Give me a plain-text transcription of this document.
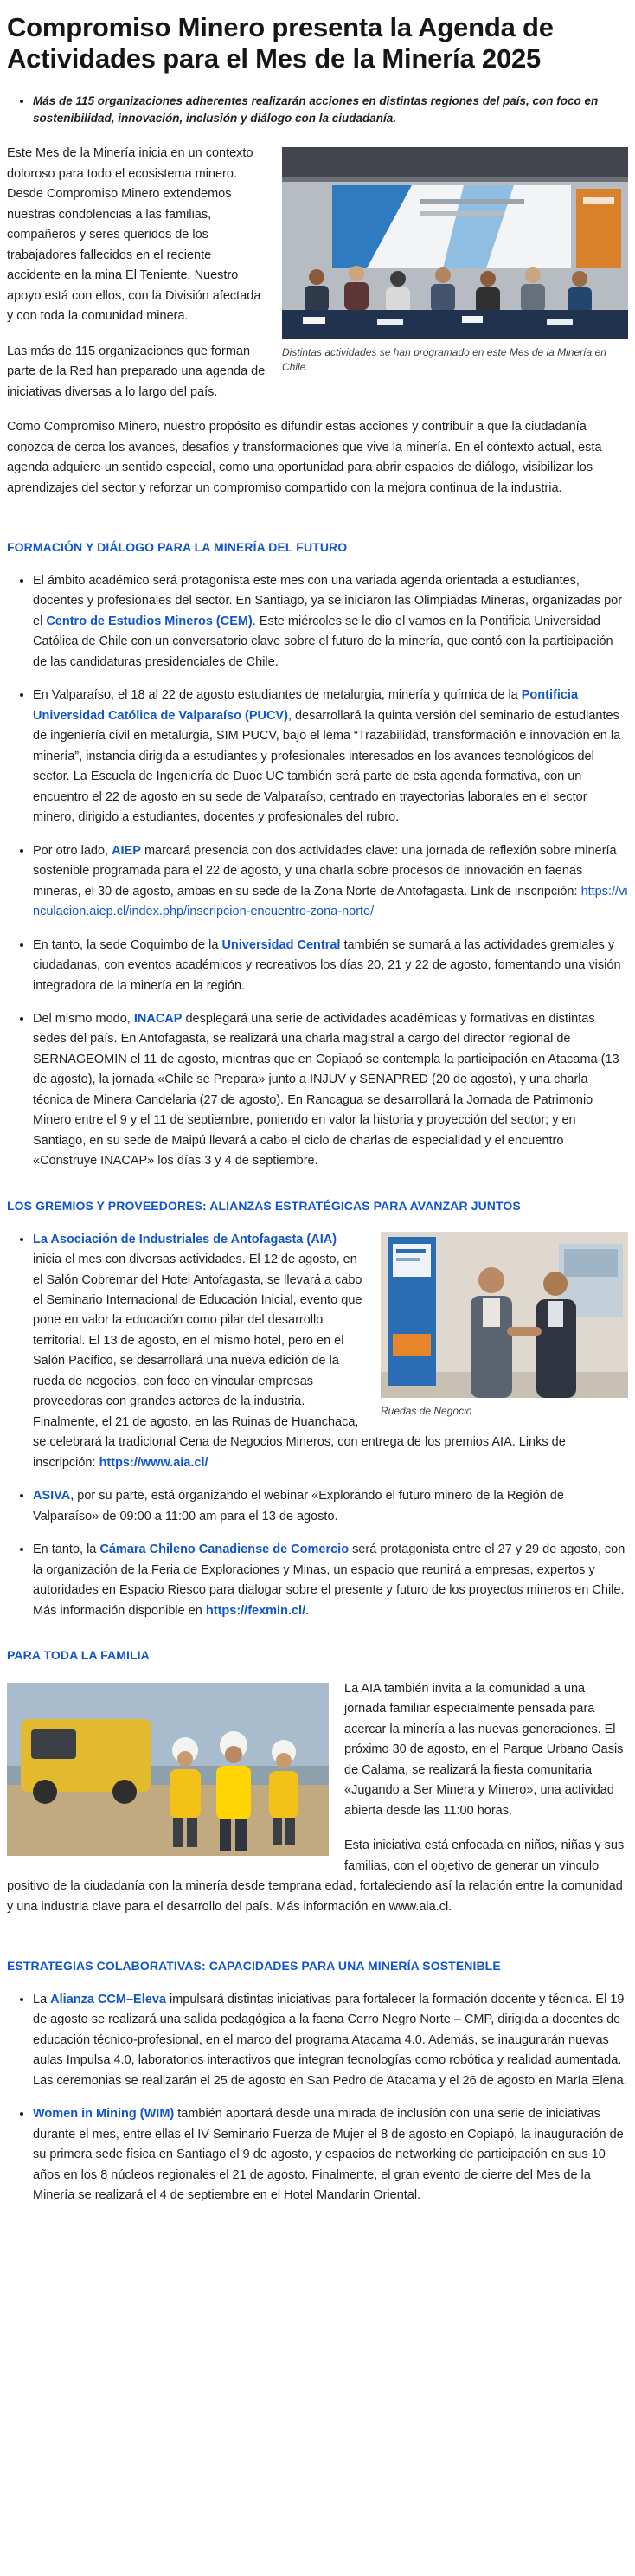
Compromiso Minero presenta la Agenda de Actividades para el Mes de la Minería 2025
• Más de 115 organizaciones adherentes realizarán acciones en distintas regiones del país, con foco en sostenibilidad, innovación, inclusión y diálogo con la ciudadanía.
Distintas actividades se han programado en este Mes de la Minería en Chile.

Este Mes de la Minería inicia en un contexto doloroso para todo el ecosistema minero. Desde Compromiso Minero extendemos nuestras condolencias a las familias, compañeros y seres queridos de los trabajadores fallecidos en el reciente accidente en la mina El Teniente. Nuestro apoyo está con ellos, con la División afectada y con toda la comunidad minera.

Las más de 115 organizaciones que forman parte de la Red han preparado una agenda de iniciativas diversas a lo largo del país.

Como Compromiso Minero, nuestro propósito es difundir estas acciones y contribuir a que la ciudadanía conozca de cerca los avances, desafíos y transformaciones que vive la minería. En el contexto actual, esta agenda adquiere un sentido especial, como una oportunidad para abrir espacios de diálogo, visibilizar los aprendizajes del sector y reforzar un compromiso compartido con la mejora continua de la industria.

FORMACIÓN Y DIÁLOGO PARA LA MINERÍA DEL FUTURO
• El ámbito académico será protagonista este mes con una variada agenda orientada a estudiantes, docentes y profesionales del sector. En Santiago, ya se iniciaron las Olimpiadas Mineras, organizadas por el Centro de Estudios Mineros (CEM). Este miércoles se le dio el vamos en la Pontificia Universidad Católica de Chile con un conversatorio clave sobre el futuro de la minería, que contó con la participación de las candidaturas presidenciales de Chile.
• En Valparaíso, el 18 al 22 de agosto estudiantes de metalurgia, minería y química de la Pontificia Universidad Católica de Valparaíso (PUCV), desarrollará la quinta versión del seminario de estudiantes de ingeniería civil en metalurgia, SIM PUCV, bajo el lema “Trazabilidad, transformación e innovación en la minería”, instancia dirigida a estudiantes y profesionales interesados en los avances tecnológicos del sector. La Escuela de Ingeniería de Duoc UC también será parte de esta agenda formativa, con un encuentro el 22 de agosto en su sede de Valparaíso, centrado en trayectorias laborales en el sector minero, dirigido a estudiantes, docentes y profesionales del rubro.
• Por otro lado, AIEP marcará presencia con dos actividades clave: una jornada de reflexión sobre minería sostenible programada para el 22 de agosto, y una charla sobre procesos de innovación en faenas mineras, el 30 de agosto, ambas en su sede de la Zona Norte de Antofagasta. Link de inscripción: https://vinculacion.aiep.cl/index.php/inscripcion-encuentro-zona-norte/
• En tanto, la sede Coquimbo de la Universidad Central también se sumará a las actividades gremiales y ciudadanas, con eventos académicos y recreativos los días 20, 21 y 22 de agosto, fomentando una visión integradora de la minería en la región.
• Del mismo modo, INACAP desplegará una serie de actividades académicas y formativas en distintas sedes del país. En Antofagasta, se realizará una charla magistral a cargo del director regional de SERNAGEOMIN el 11 de agosto, mientras que en Copiapó se contempla la participación en Atacama (13 de agosto), la jornada «Chile se Prepara» junto a INJUV y SENAPRED (20 de agosto), y una charla técnica de Minera Candelaria (27 de agosto). En Rancagua se desarrollará la Jornada de Patrimonio Minero entre el 9 y el 11 de septiembre, poniendo en valor la historia y proyección del sector; y en Santiago, en su sede de Maipú llevará a cabo el ciclo de charlas de especialidad y el encuentro «Construye INACAP» los días 3 y 4 de septiembre.
LOS GREMIOS Y PROVEEDORES: ALIANZAS ESTRATÉGICAS PARA AVANZAR JUNTOS
• Ruedas de Negocio
La Asociación de Industriales de Antofagasta (AIA) inicia el mes con diversas actividades. El 12 de agosto, en el Salón Cobremar del Hotel Antofagasta, se llevará a cabo el Seminario Internacional de Educación Inicial, evento que pone en valor la educación como pilar del desarrollo territorial. El 13 de agosto, en el mismo hotel, pero en el Salón Pacífico, se desarrollará una nueva edición de la rueda de negocios, con foco en vincular empresas proveedoras con grandes actores de la industria. Finalmente, el 21 de agosto, en las Ruinas de Huanchaca, se celebrará la tradicional Cena de Negocios Mineros, con entrega de los premios AIA. Links de inscripción: https://www.aia.cl/
• ASIVA, por su parte, está organizando el webinar «Explorando el futuro minero de la Región de Valparaíso» de 09:00 a 11:00 am para el 13 de agosto.
• En tanto, la Cámara Chileno Canadiense de Comercio será protagonista entre el 27 y 29 de agosto, con la organización de la Feria de Exploraciones y Minas, un espacio que reunirá a empresas, expertos y autoridades en Espacio Riesco para dialogar sobre el presente y futuro de los proyectos mineros en Chile. Más información disponible en https://fexmin.cl/.
PARA TODA LA FAMILIA

La AIA también invita a la comunidad a una jornada familiar especialmente pensada para acercar la minería a las nuevas generaciones. El próximo 30 de agosto, en el Parque Urbano Oasis de Calama, se realizará la fiesta comunitaria «Jugando a Ser Minera y Minero», una actividad abierta desde las 11:00 horas.

Esta iniciativa está enfocada en niños, niñas y sus familias, con el objetivo de generar un vínculo positivo de la ciudadanía con la minería desde temprana edad, fortaleciendo así la relación entre la comunidad y una industria clave para el desarrollo del país. Más información en www.aia.cl.

ESTRATEGIAS COLABORATIVAS: CAPACIDADES PARA UNA MINERÍA SOSTENIBLE
• La Alianza CCM–Eleva impulsará distintas iniciativas para fortalecer la formación docente y técnica. El 19 de agosto se realizará una salida pedagógica a la faena Cerro Negro Norte – CMP, dirigida a docentes de educación técnico-profesional, en el marco del programa Atacama 4.0. Además, se inaugurarán nuevas aulas Impulsa 4.0, laboratorios interactivos que integran tecnologías como robótica y realidad aumentada. Las ceremonias se realizarán el 25 de agosto en San Pedro de Atacama y el 26 de agosto en María Elena.
• Women in Mining (WIM) también aportará desde una mirada de inclusión con una serie de iniciativas durante el mes, entre ellas el IV Seminario Fuerza de Mujer el 8 de agosto en Copiapó, la inauguración de su primera sede física en Santiago el 9 de agosto, y espacios de networking de participación en sus 10 años en los 8 núcleos regionales el 21 de agosto. Finalmente, el gran evento de cierre del Mes de la Minería se realizará el 4 de septiembre en el Hotel Mandarín Oriental.
